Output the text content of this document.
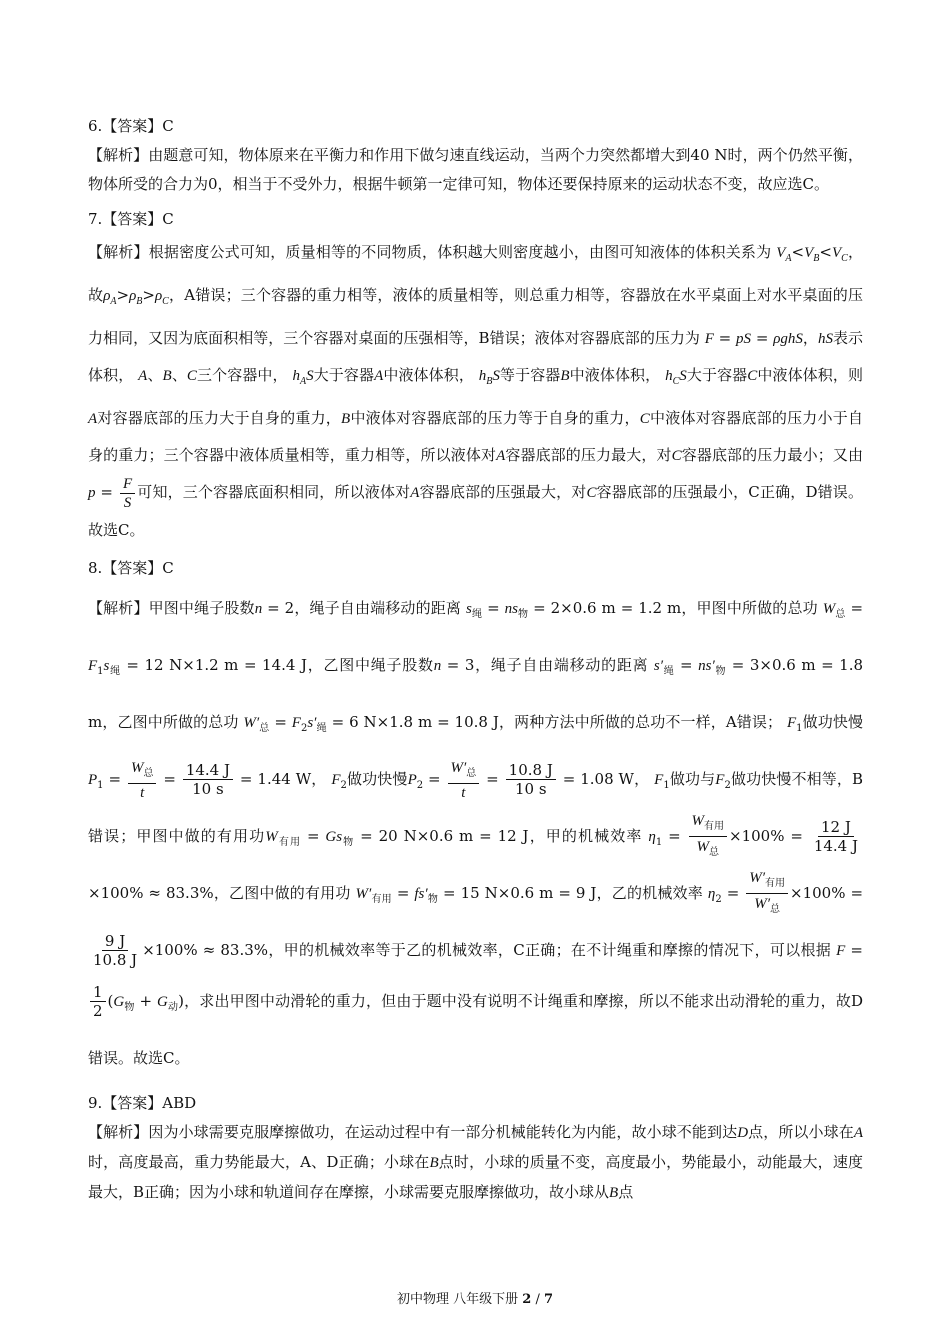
6.【答案】C

【解析】由题意可知，物体原来在平衡力和作用下做匀速直线运动，当两个力突然都增大到40 N时，两个仍然平衡，物体所受的合力为0，相当于不受外力，根据牛顿第一定律可知，物体还要保持原来的运动状态不变，故应选C。

7.【答案】C

【解析】根据密度公式可知，质量相等的不同物质，体积越大则密度越小，由图可知液体的体积关系为 $V_A<V_B<V_C$，故$\rho_A>\rho_B>\rho_C$，A错误；三个容器的重力相等，液体的质量相等，则总重力相等，容器放在水平桌面上对水平桌面的压力相同，又因为底面积相等，三个容器对桌面的压强相等，B错误；液体对容器底部的压力为 F = pS = ρghS，hS表示体积， A、B、C三个容器中， $h_AS$大于容器A中液体体积， $h_BS$等于容器B中液体体积， $h_CS$大于容器C中液体体积，则A对容器底部的压力大于自身的重力，B中液体对容器底部的压力等于自身的重力，C中液体对容器底部的压力小于自身的重力；三个容器中液体质量相等，重力相等，所以液体对A容器底部的压力最大，对C容器底部的压力最小；又由 $p = \frac{F}{S}$ 可知，三个容器底面积相同，所以液体对A容器底部的压强最大，对C容器底部的压强最小，C正确，D错误。故选C。

8.【答案】C

【解析】甲图中绳子股数n = 2，绳子自由端移动的距离 $s_绳 = ns_物 = 2\times 0.6$ m = 1.2 m，甲图中所做的总功 $W_总 = F_1s_绳 = 12$ N×1.2 m = 14.4 J，乙图中绳子股数n = 3，绳子自由端移动的距离 $s'_绳 = ns'_物 = 3\times 0.6$ m = 1.8 m，乙图中所做的总功 $W'_总 = F_2s'_绳 = 6$ N×1.8 m = 10.8 J，两种方法中所做的总功不一样，A错误； $F_1$做功快慢$P_1 = \frac{W_总}{t} = \frac{14.4 J}{10 s} = 1.44$ W， $F_2$做功快慢$P_2 = \frac{W'_总}{t} = \frac{10.8 J}{10 s} = 1.08$ W， $F_1$做功与$F_2$做功快慢不相等，B错误；甲图中做的有用功$W_{有用} = Gs_物 = 20$ N×0.6 m = 12 J，甲的机械效率 $\eta_1 = \frac{W_{有用}}{W_总} \times 100\% = \frac{12 J}{14.4 J}$
×100% ≈ 83.3%，乙图中做的有用功 $W'_{有用} = fs'_物 = 15$ N×0.6 m = 9 J，乙的机械效率 $\eta_2 = \frac{W'_{有用}}{W'_总} \times 100\%$ =
$\frac{9 J}{10.8 J} \times 100\% \approx 83.3\%$，甲的机械效率等于乙的机械效率，C正确；在不计绳重和摩擦的情况下，可以根据 F =
$\frac{1}{2} (G_物 + G_动)$，求出甲图中动滑轮的重力，但由于题中没有说明不计绳重和摩擦，所以不能求出动滑轮的重力，故D错误。故选C。

9.【答案】ABD

【解析】因为小球需要克服摩擦做功，在运动过程中有一部分机械能转化为内能，故小球不能到达D点，所以小球在A时，高度最高，重力势能最大，A、D正确；小球在B点时，小球的质量不变，高度最小，势能最小，动能最大，速度最大，B正确；因为小球和轨道间存在摩擦，小球需要克服摩擦做功，故小球从B点

初中物理 八年级下册 2 / 7
